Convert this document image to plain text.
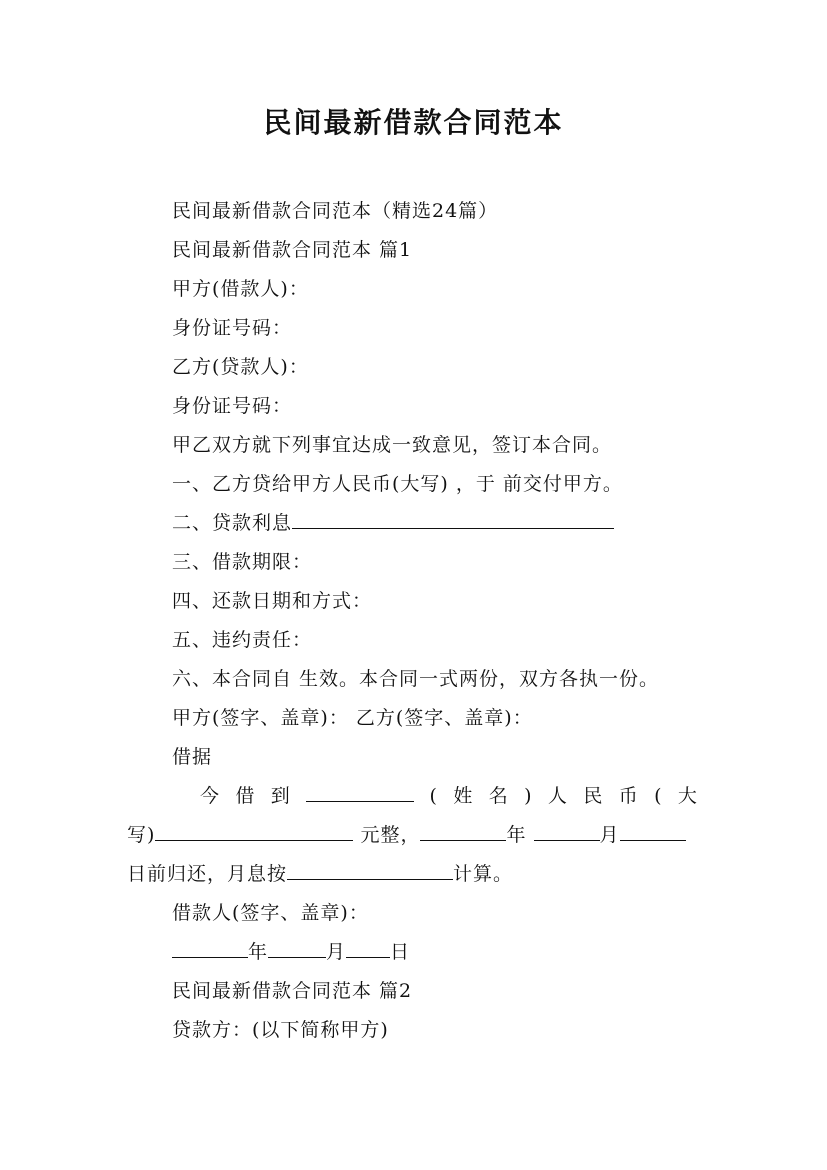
民间最新借款合同范本
民间最新借款合同范本（精选24篇）
民间最新借款合同范本 篇1
甲方(借款人)：
身份证号码：
乙方(贷款人)：
身份证号码：
甲乙双方就下列事宜达成一致意见，签订本合同。
一、乙方贷给甲方人民币(大写) ，于 前交付甲方。
二、贷款利息
三、借款期限：
四、还款日期和方式：
五、违约责任：
六、本合同自 生效。本合同一式两份，双方各执一份。
甲方(签字、盖章)： 乙方(签字、盖章)：
借据
今 借 到	( 姓 名 ) 人 民 币 ( 大
写)	元整，	年	月
日前归还，月息按	计算。
借款人(签字、盖章)：
年	月 日
民间最新借款合同范本 篇2
贷款方：(以下简称甲方)
